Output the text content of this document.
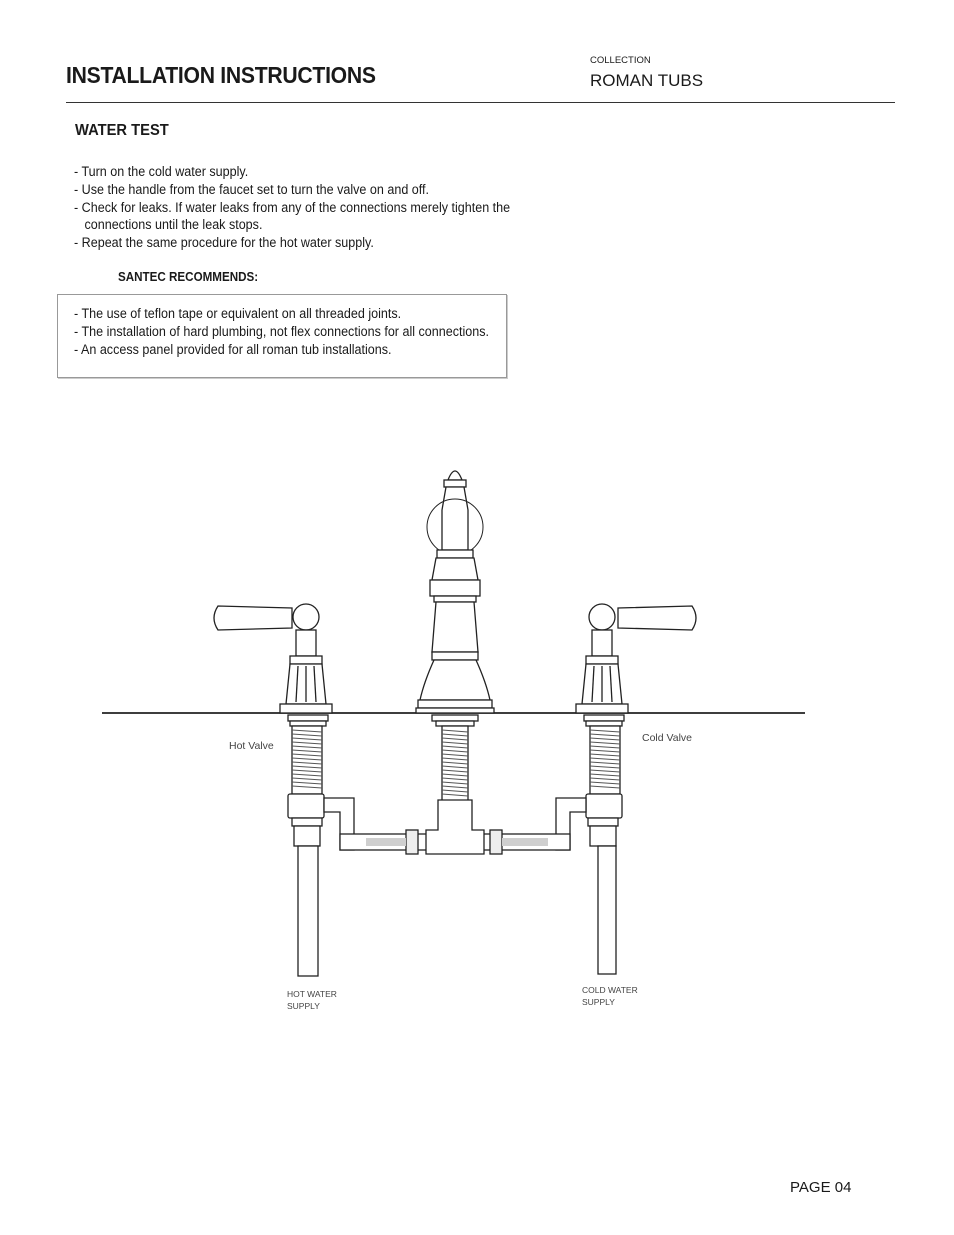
INSTALLATION INSTRUCTIONS
COLLECTION
ROMAN TUBS
WATER TEST
- Turn on the cold water supply.
- Use the handle from the faucet set to turn the valve on and off.
- Check for leaks. If water leaks from any of the connections merely tighten the
connections until the leak stops.
- Repeat the same procedure for the hot water supply.
SANTEC RECOMMENDS:
- The use of teflon tape or equivalent on all threaded joints.
- The installation of hard plumbing, not flex connections for all connections.
- An access panel provided for all roman tub installations.
Hot Valve
Cold Valve
HOT WATER
SUPPLY
COLD WATER
SUPPLY
PAGE 04
